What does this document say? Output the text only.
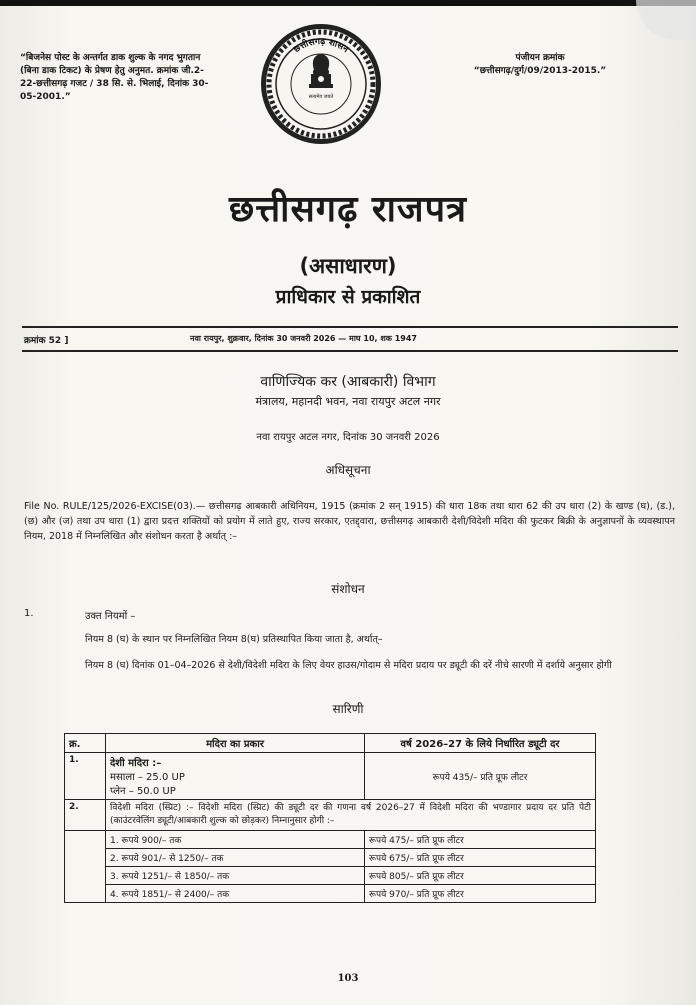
“बिजनेस पोस्ट के अन्तर्गत डाक शुल्क के नगद भुगतान (बिना डाक टिकट) के प्रेषण हेतु अनुमत. क्रमांक जी.2-22-छत्तीसगढ़ गजट / 38 सि. से. भिलाई, दिनांक 30-05-2001.”
पंजीयन क्रमांक
“छत्तीसगढ़/दुर्ग/09/2013-2015.”
छत्तीसगढ़ शासन
सत्यमेव जयते
छत्तीसगढ़ राजपत्र
(असाधारण)
प्राधिकार से प्रकाशित
क्रमांक 52 ]	नवा रायपुर, शुक्रवार, दिनांक 30 जनवरी 2026 — माघ 10, शक 1947
वाणिज्यिक कर (आबकारी) विभाग
मंत्रालय, महानदी भवन, नवा रायपुर अटल नगर
नवा रायपुर अटल नगर, दिनांक 30 जनवरी 2026
अधिसूचना
File No. RULE/125/2026-EXCISE(03).— छत्तीसगढ़ आबकारी अधिनियम, 1915 (क्रमांक 2 सन् 1915) की धारा 18क तथा धारा 62 की उप धारा (2) के खण्ड (घ), (ड.), (छ) और (ज) तथा उप धारा (1) द्वारा प्रदत्त शक्तियों को प्रयोग में लाते हुए, राज्य सरकार, एतद्द्वारा, छत्तीसगढ़ आबकारी देशी/विदेशी मदिरा की फुटकर बिक्री के अनुज्ञापनों के व्यवस्थापन नियम, 2018 में निम्नलिखित और संशोधन करता है अर्थात् :–
संशोधन
1.	उक्त नियमों –
नियम 8 (घ) के स्थान पर निम्नलिखित नियम 8(घ) प्रतिस्थापित किया जाता है, अर्थात्–
नियम 8 (घ) दिनांक 01–04–2026 से देशी/विदेशी मदिरा के लिए वेयर हाउस/गोदाम से मदिरा प्रदाय पर ड्यूटी की दरें नीचे सारणी में दर्शाये अनुसार होगी
सारिणी
क्र.	मदिरा का प्रकार	वर्ष 2026–27 के लिये निर्धारित ड्यूटी दर
1.	देशी मदिरा :–
मसाला – 25.0 UP
प्लेन – 50.0 UP	रूपये 435/– प्रति प्रूफ लीटर
2.	विदेशी मदिरा (स्प्रिट) :– विदेशी मदिरा (स्प्रिट) की ड्यूटी दर की गणना वर्ष 2026–27 में विदेशी मदिरा की भण्डागार प्रदाय दर प्रति पेटी (काउंटरवेलिंग ड्यूटी/आबकारी शुल्क को छोड़कर) निम्नानुसार होगी :–	
	1. रूपये 900/– तक	रूपये 475/– प्रति प्रूफ लीटर
	2. रूपये 901/– से 1250/– तक	रूपये 675/– प्रति प्रूफ लीटर
	3. रूपये 1251/– से 1850/– तक	रूपये 805/– प्रति प्रूफ लीटर
	4. रूपये 1851/– से 2400/– तक	रूपये 970/– प्रति प्रूफ लीटर
103
